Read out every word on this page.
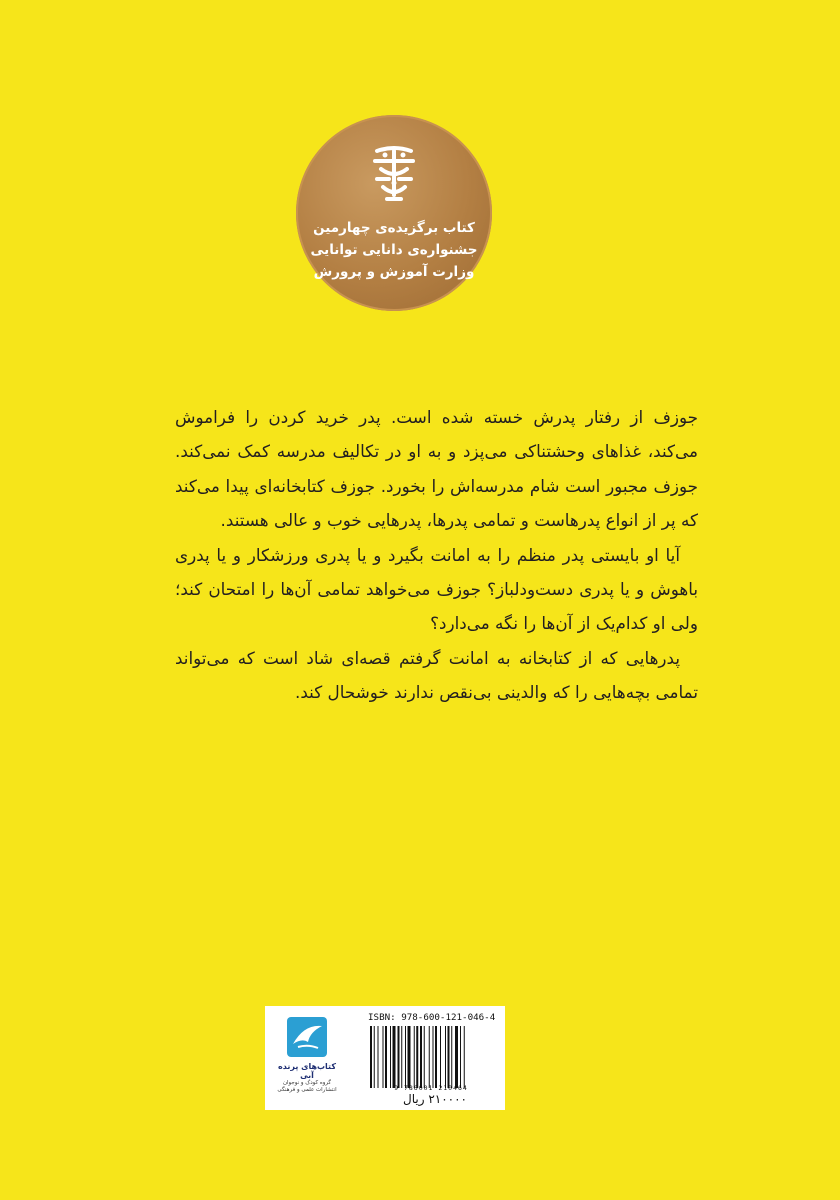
کتاب برگزیده‌ی چهارمین
جشنواره‌ی دانایی توانایی
وزارت آموزش و پرورش

جوزف از رفتار پدرش خسته شده است. پدر خرید کردن را فراموش می‌کند، غذاهای وحشتناکی می‌پزد و به او در تکالیف مدرسه کمک نمی‌کند. جوزف مجبور است شام مدرسه‌اش را بخورد. جوزف کتابخانه‌ای پیدا می‌کند که پر از انواع پدرهاست و تمامی پدرها، پدرهایی خوب و عالی هستند.

آیا او بایستی پدر منظم را به امانت بگیرد و یا پدری ورزشکار و یا پدری باهوش و یا پدری دست‌ودلباز؟ جوزف می‌خواهد تمامی آن‌ها را امتحان کند؛ ولی او کدام‌یک از آن‌ها را نگه می‌دارد؟

پدرهایی که از کتابخانه به امانت گرفتم قصه‌ای شاد است که می‌تواند تمامی بچه‌هایی را که والدینی بی‌نقص ندارند خوشحال کند.

کتاب‌های پرنده آبی
گروه کودک و نوجوان
انتشارات علمی و فرهنگی
ISBN: 978-600-121-046-4
9 786001 210464
۲۱۰۰۰۰ ریال
